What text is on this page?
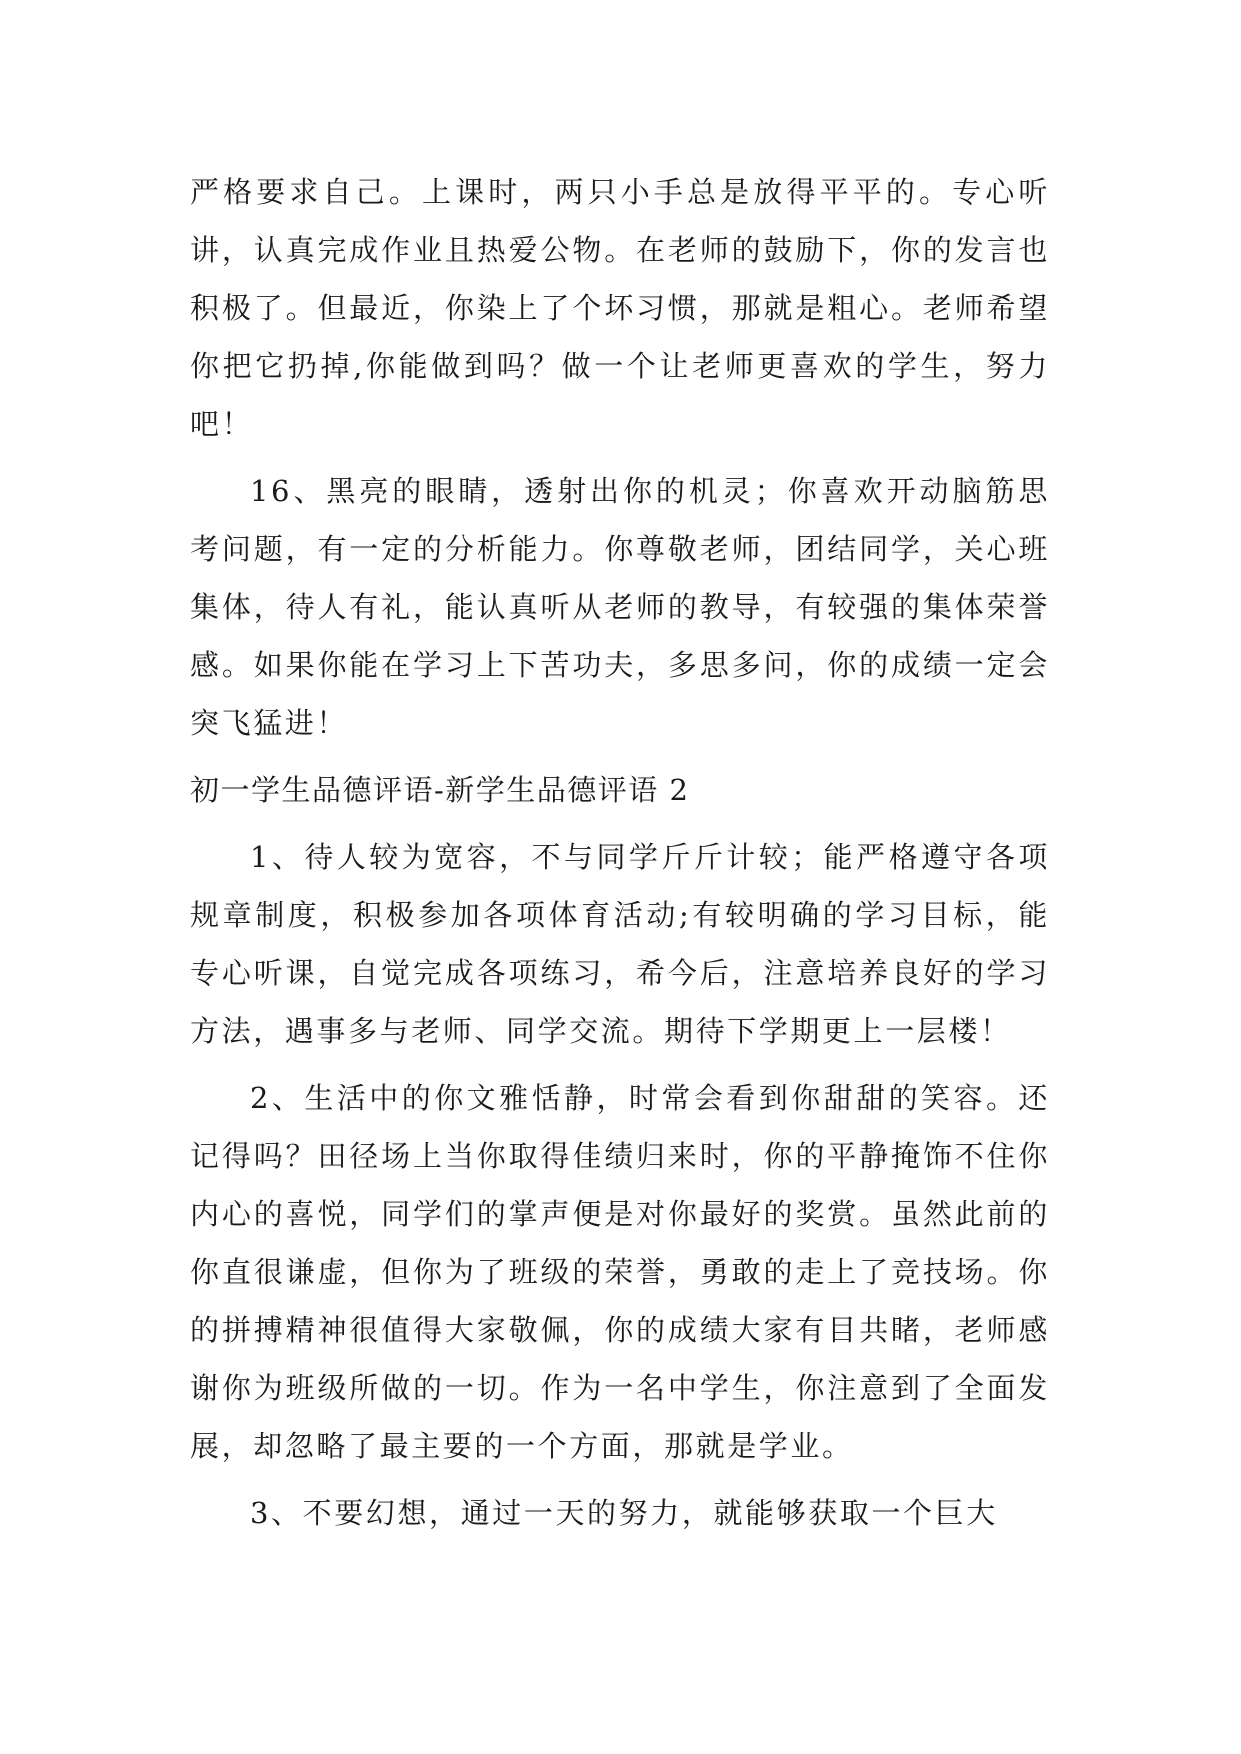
严格要求自己。上课时，两只小手总是放得平平的。专心听讲，认真完成作业且热爱公物。在老师的鼓励下，你的发言也积极了。但最近，你染上了个坏习惯，那就是粗心。老师希望你把它扔掉,你能做到吗？做一个让老师更喜欢的学生，努力吧！

16、黑亮的眼睛，透射出你的机灵；你喜欢开动脑筋思考问题，有一定的分析能力。你尊敬老师，团结同学，关心班集体，待人有礼，能认真听从老师的教导，有较强的集体荣誉感。如果你能在学习上下苦功夫，多思多问，你的成绩一定会突飞猛进！

初一学生品德评语-新学生品德评语 2

1、待人较为宽容，不与同学斤斤计较；能严格遵守各项规章制度，积极参加各项体育活动;有较明确的学习目标，能专心听课，自觉完成各项练习，希今后，注意培养良好的学习方法，遇事多与老师、同学交流。期待下学期更上一层楼！

2、生活中的你文雅恬静，时常会看到你甜甜的笑容。还记得吗？田径场上当你取得佳绩归来时，你的平静掩饰不住你内心的喜悦，同学们的掌声便是对你最好的奖赏。虽然此前的你直很谦虚，但你为了班级的荣誉，勇敢的走上了竞技场。你的拼搏精神很值得大家敬佩，你的成绩大家有目共睹，老师感谢你为班级所做的一切。作为一名中学生，你注意到了全面发展，却忽略了最主要的一个方面，那就是学业。

3、不要幻想，通过一天的努力，就能够获取一个巨大
